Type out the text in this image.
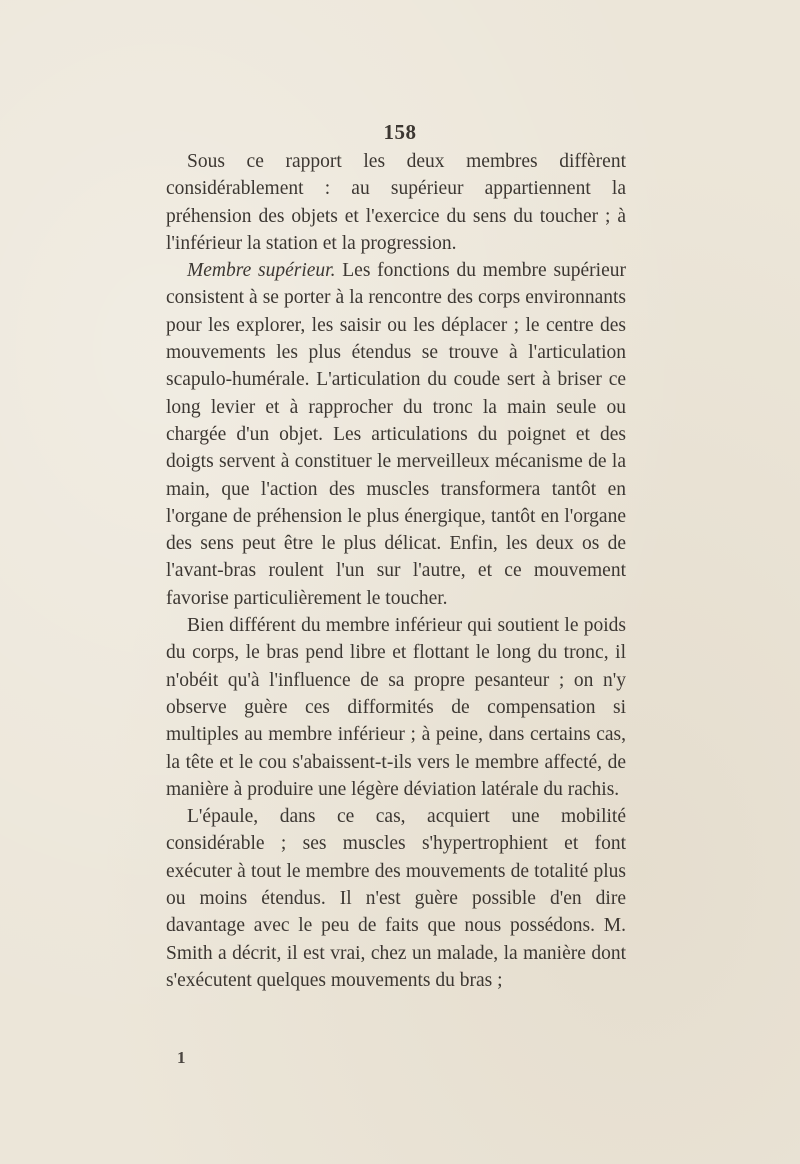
158

Sous ce rapport les deux membres diffèrent considérablement : au supérieur appartiennent la préhension des objets et l'exercice du sens du toucher ; à l'inférieur la station et la progression.

Membre supérieur. Les fonctions du membre supérieur consistent à se porter à la rencontre des corps environnants pour les explorer, les saisir ou les déplacer ; le centre des mouvements les plus étendus se trouve à l'articulation scapulo-humérale. L'articulation du coude sert à briser ce long levier et à rapprocher du tronc la main seule ou chargée d'un objet. Les articulations du poignet et des doigts servent à constituer le merveilleux mécanisme de la main, que l'action des muscles transformera tantôt en l'organe de préhension le plus énergique, tantôt en l'organe des sens peut être le plus délicat. Enfin, les deux os de l'avant-bras roulent l'un sur l'autre, et ce mouvement favorise particulièrement le toucher.

Bien différent du membre inférieur qui soutient le poids du corps, le bras pend libre et flottant le long du tronc, il n'obéit qu'à l'influence de sa propre pesanteur ; on n'y observe guère ces difformités de compensation si multiples au membre inférieur ; à peine, dans certains cas, la tête et le cou s'abaissent-t-ils vers le membre affecté, de manière à produire une légère déviation latérale du rachis.

L'épaule, dans ce cas, acquiert une mobilité considérable ; ses muscles s'hypertrophient et font exécuter à tout le membre des mouvements de totalité plus ou moins étendus. Il n'est guère possible d'en dire davantage avec le peu de faits que nous possédons. M. Smith a décrit, il est vrai, chez un malade, la manière dont s'exécutent quelques mouvements du bras ;

1
